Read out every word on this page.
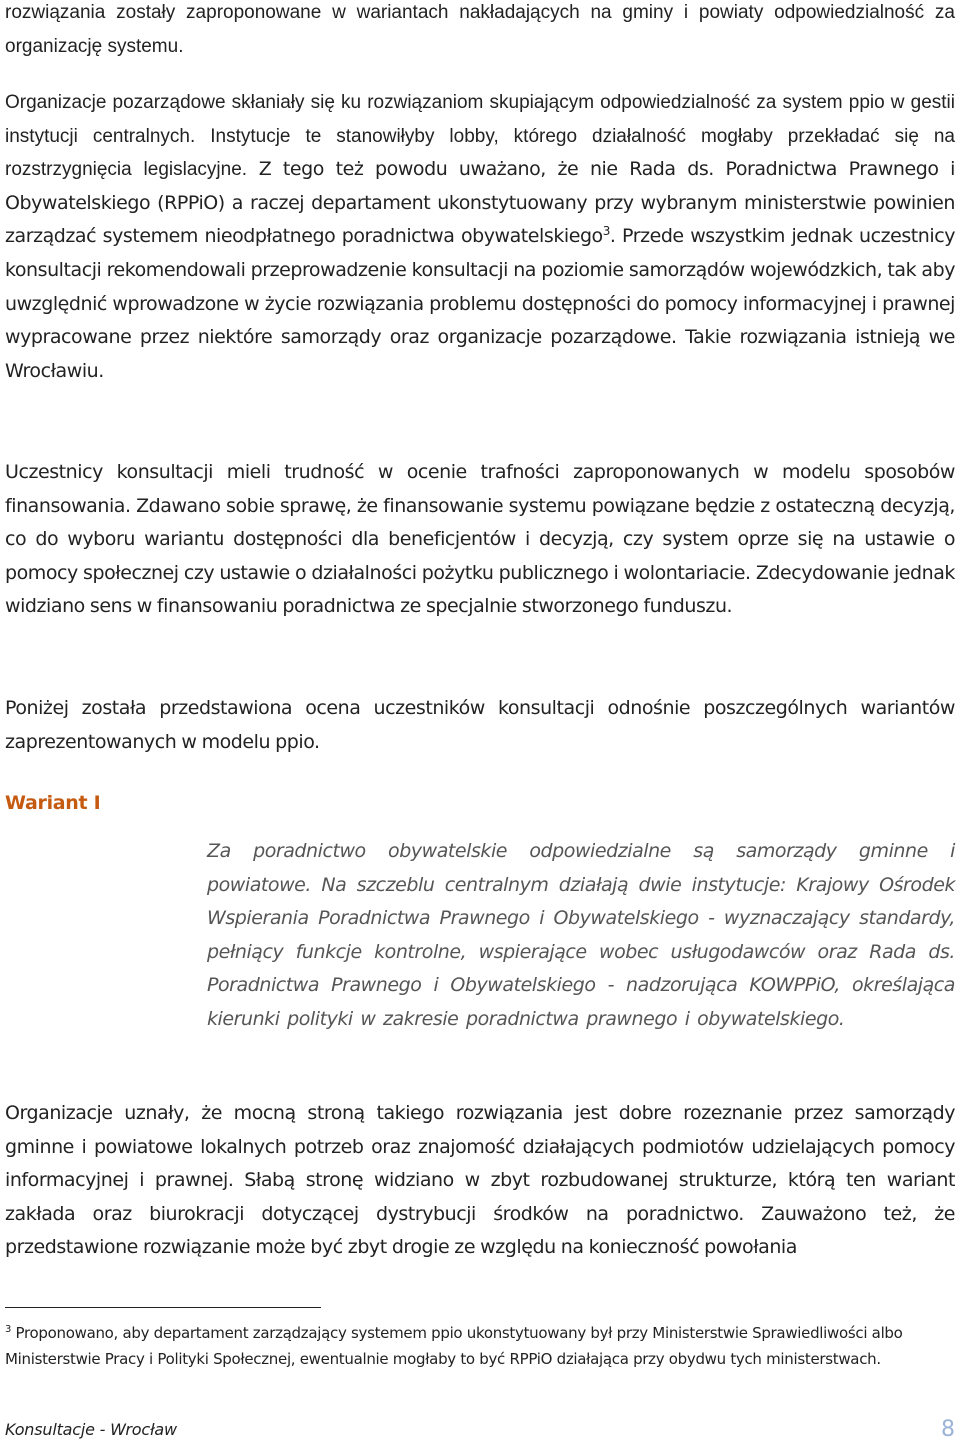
rozwiązania zostały zaproponowane w wariantach nakładających na gminy i powiaty odpowiedzialność za organizację systemu.

Organizacje pozarządowe skłaniały się ku rozwiązaniom skupiającym odpowiedzialność za system ppio w gestii instytucji centralnych. Instytucje te stanowiłyby lobby, którego działalność mogłaby przekładać się na rozstrzygnięcia legislacyjne. Z tego też powodu uważano, że nie Rada ds. Poradnictwa Prawnego i Obywatelskiego (RPPiO) a raczej departament ukonstytuowany przy wybranym ministerstwie powinien zarządzać systemem nieodpłatnego poradnictwa obywatelskiego$^3$. Przede wszystkim jednak uczestnicy konsultacji rekomendowali przeprowadzenie konsultacji na poziomie samorządów wojewódzkich, tak aby uwzględnić wprowadzone w życie rozwiązania problemu dostępności do pomocy informacyjnej i prawnej wypracowane przez niektóre samorządy oraz organizacje pozarządowe. Takie rozwiązania istnieją we Wrocławiu.

Uczestnicy konsultacji mieli trudność w ocenie trafności zaproponowanych w modelu sposobów finansowania. Zdawano sobie sprawę, że finansowanie systemu powiązane będzie z ostateczną decyzją, co do wyboru wariantu dostępności dla beneficjentów i decyzją, czy system oprze się na ustawie o pomocy społecznej czy ustawie o działalności pożytku publicznego i wolontariacie. Zdecydowanie jednak widziano sens w finansowaniu poradnictwa ze specjalnie stworzonego funduszu.

Poniżej została przedstawiona ocena uczestników konsultacji odnośnie poszczególnych wariantów zaprezentowanych w modelu ppio.

Wariant I

Za poradnictwo obywatelskie odpowiedzialne są samorządy gminne i powiatowe. Na szczeblu centralnym działają dwie instytucje: Krajowy Ośrodek Wspierania Poradnictwa Prawnego i Obywatelskiego - wyznaczający standardy, pełniący funkcje kontrolne, wspierające wobec usługodawców oraz Rada ds. Poradnictwa Prawnego i Obywatelskiego - nadzorująca KOWPPiO, określająca kierunki polityki w zakresie poradnictwa prawnego i obywatelskiego.

Organizacje uznały, że mocną stroną takiego rozwiązania jest dobre rozeznanie przez samorządy gminne i powiatowe lokalnych potrzeb oraz znajomość działających podmiotów udzielających pomocy informacyjnej i prawnej. Słabą stronę widziano w zbyt rozbudowanej strukturze, którą ten wariant zakłada oraz biurokracji dotyczącej dystrybucji środków na poradnictwo. Zauważono też, że przedstawione rozwiązanie może być zbyt drogie ze względu na konieczność powołania

$^3$ Proponowano, aby departament zarządzający systemem ppio ukonstytuowany był przy Ministerstwie Sprawiedliwości albo Ministerstwie Pracy i Polityki Społecznej, ewentualnie mogłaby to być RPPiO działająca przy obydwu tych ministerstwach.

Konsultacje - Wrocław	8
